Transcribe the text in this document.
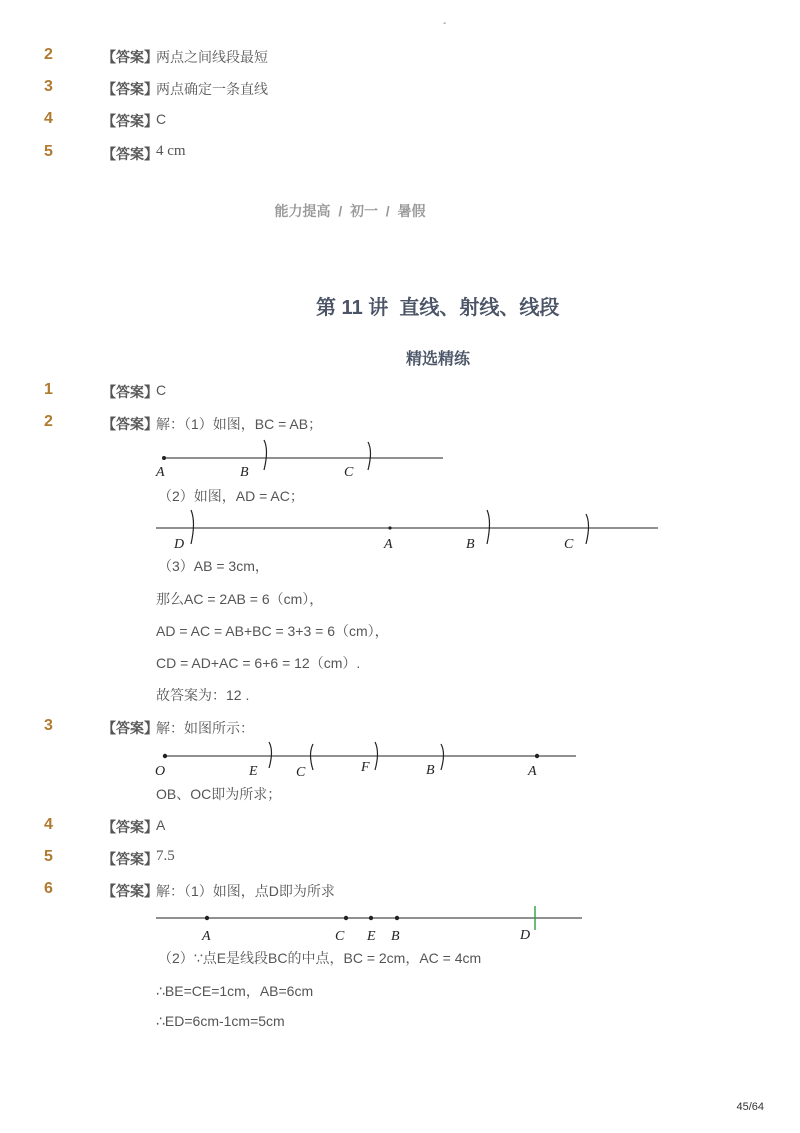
-
2	【答案】
两点之间线段最短
3	【答案】
两点确定一条直线
4	【答案】
C
5	【答案】
4 cm
能力提高  /  初一  /  暑假
第 11 讲  直线、射线、线段
精选精练
1	【答案】
C
2	【答案】
解：（1）如图，BC = AB；
A	B	C
（2）如图，AD = AC；
D	A	B	C
（3）AB = 3cm，
那么AC = 2AB = 6（cm），
AD = AC = AB+BC = 3+3 = 6（cm），
CD = AD+AC = 6+6 = 12（cm）.
故答案为：12 .
3	【答案】
解：如图所示：
O	E	C	F	B	A
OB、OC即为所求；
4	【答案】
A
5	【答案】
7.5
6	【答案】
解：（1）如图，点D即为所求
A	C E B	D
（2）∵点E是线段BC的中点，BC = 2cm，AC = 4cm
∴BE=CE=1cm，AB=6cm
∴ED=6cm-1cm=5cm
45/64
